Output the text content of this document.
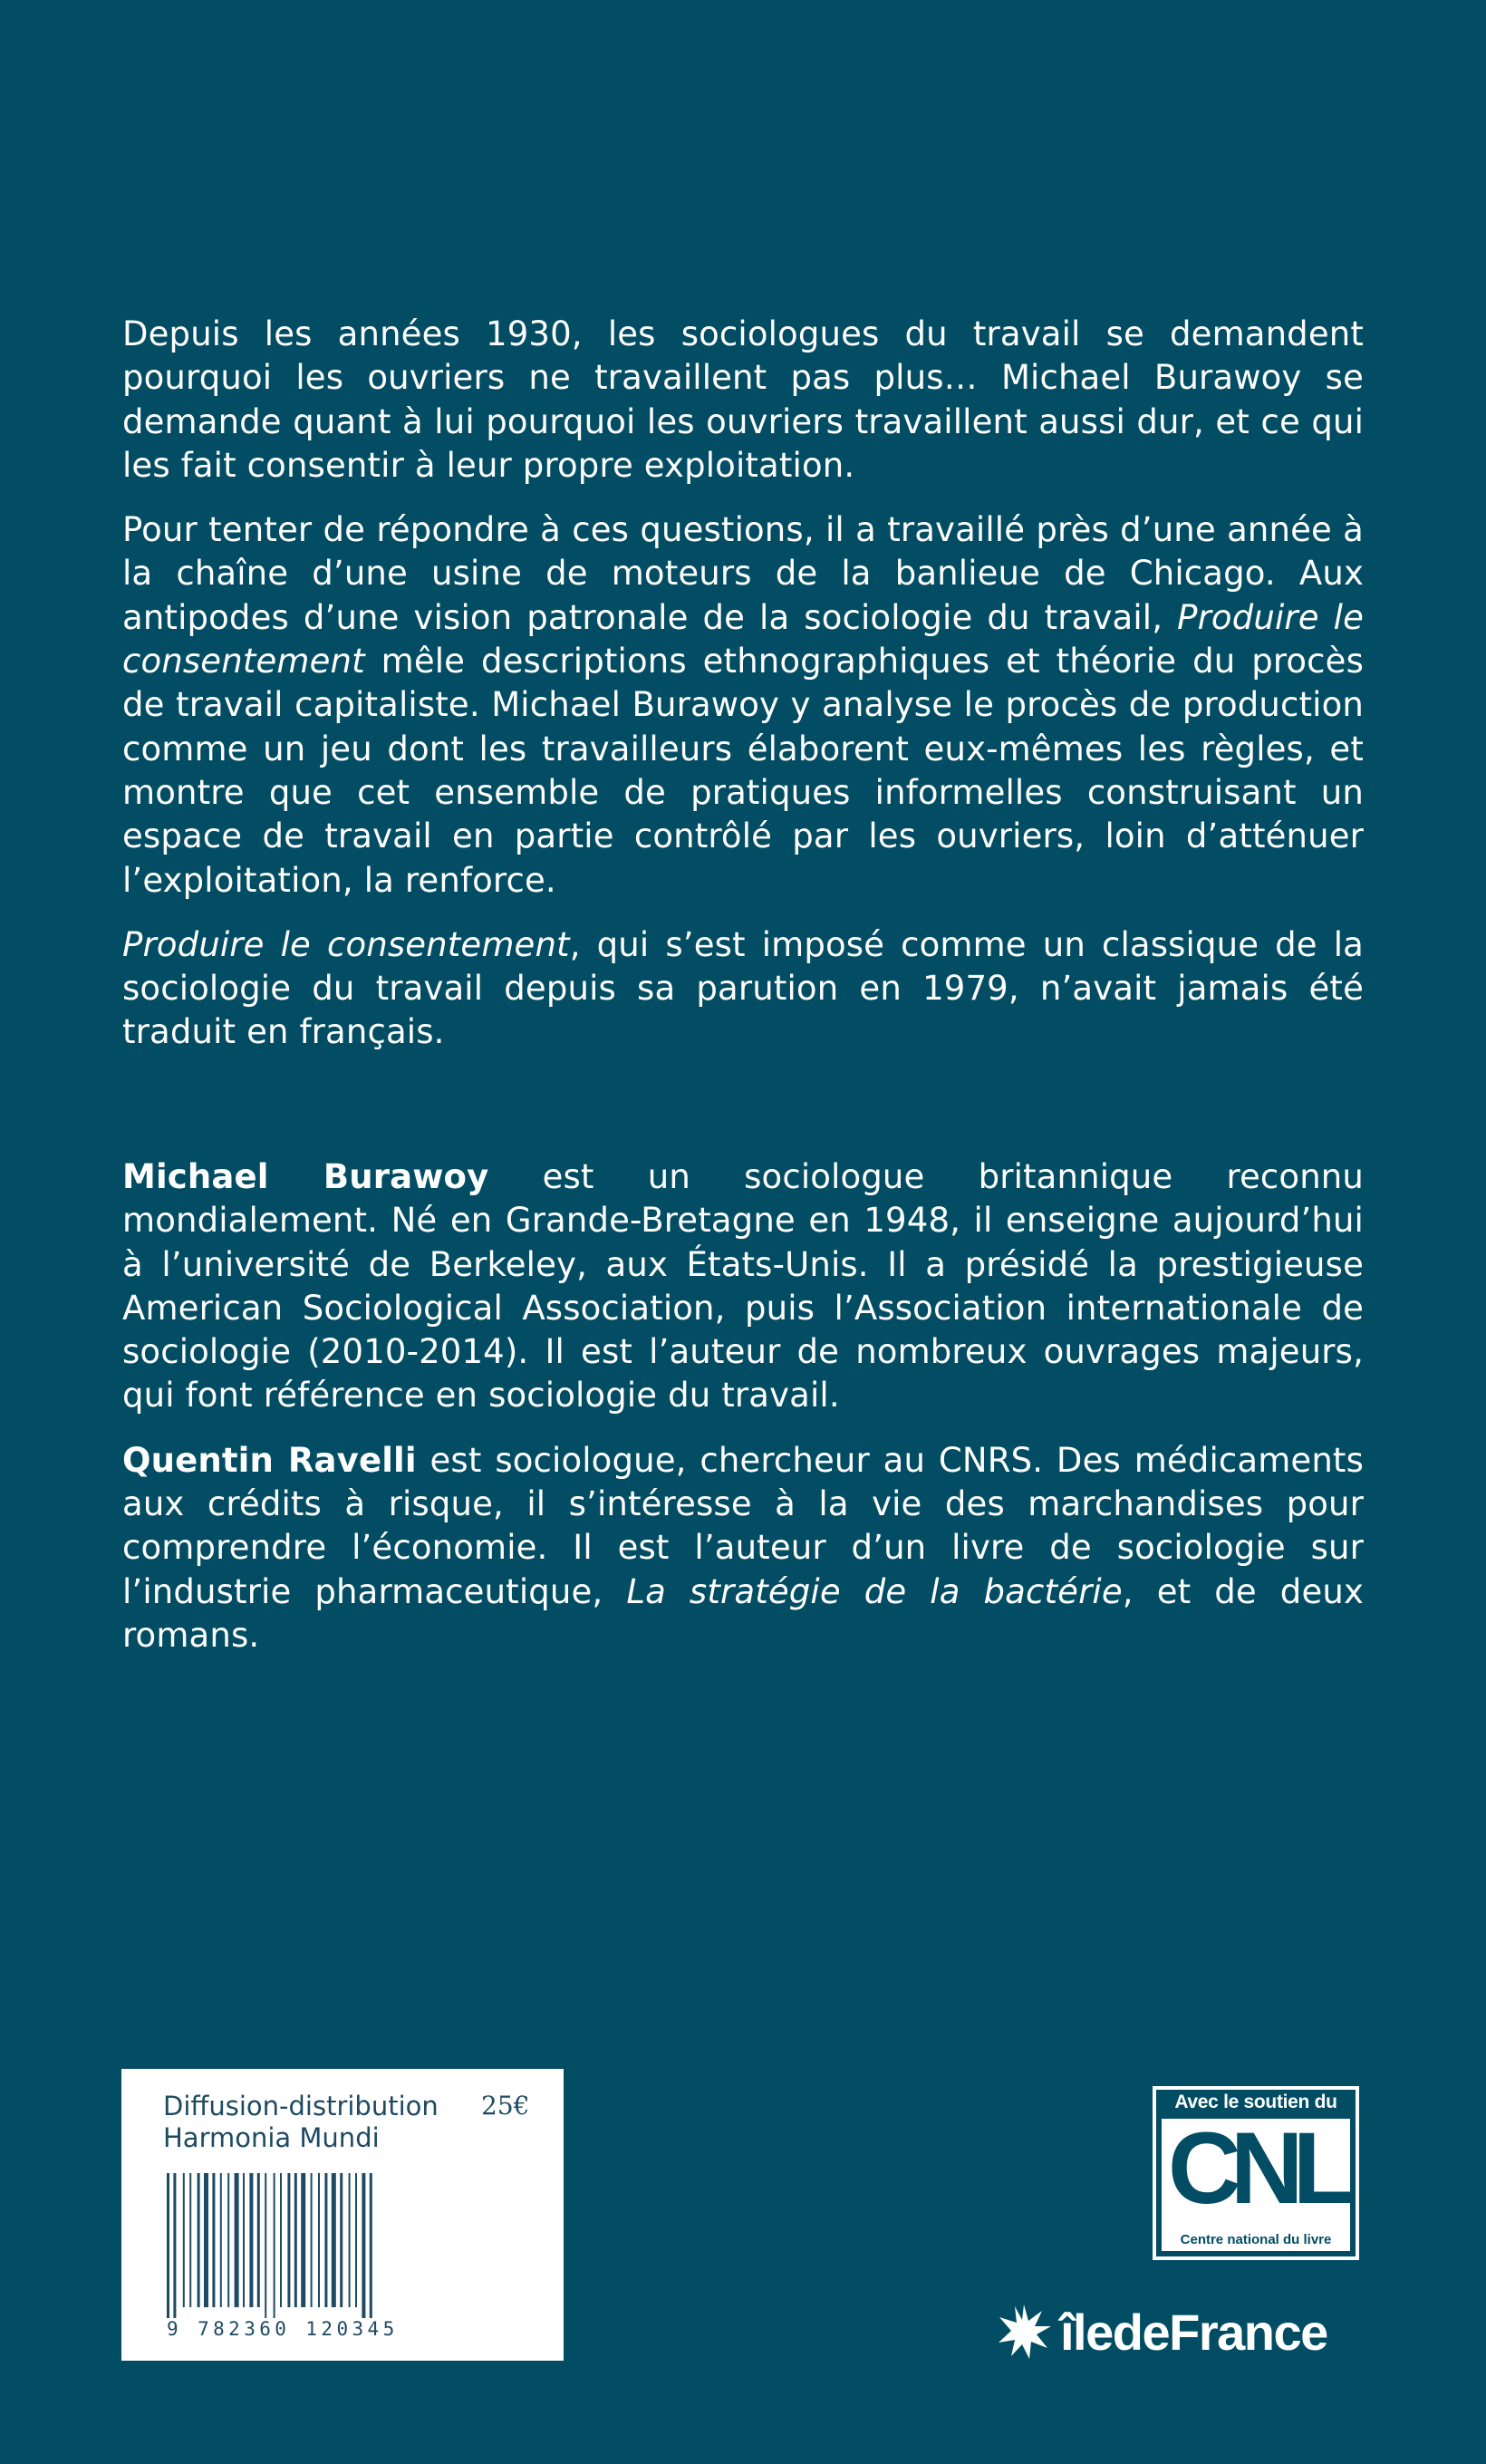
Depuis les années 1930, les sociologues du travail se demandent pourquoi les ouvriers ne travaillent pas plus… Michael Burawoy se demande quant à lui pourquoi les ouvriers travaillent aussi dur, et ce qui les fait consentir à leur propre exploitation.

Pour tenter de répondre à ces questions, il a travaillé près d’une année à la chaîne d’une usine de moteurs de la banlieue de Chicago. Aux antipodes d’une vision patronale de la sociologie du travail, Produire le consentement mêle descriptions ethnographiques et théorie du procès de travail capitaliste. Michael Burawoy y analyse le procès de production comme un jeu dont les travailleurs élaborent eux-mêmes les règles, et montre que cet ensemble de pratiques informelles construisant un espace de travail en partie contrôlé par les ouvriers, loin d’atténuer l’exploitation, la renforce.

Produire le consentement, qui s’est imposé comme un classique de la sociologie du travail depuis sa parution en 1979, n’avait jamais été traduit en français.

Michael Burawoy est un sociologue britannique reconnu mondialement. Né en Grande-Bretagne en 1948, il enseigne aujourd’hui à l’université de Berkeley, aux États-Unis. Il a présidé la prestigieuse American Sociological Association, puis l’Association internationale de sociologie (2010-2014). Il est l’auteur de nombreux ouvrages majeurs, qui font référence en sociologie du travail.

Quentin Ravelli est sociologue, chercheur au CNRS. Des médicaments aux crédits à risque, il s’intéresse à la vie des marchandises pour comprendre l’économie. Il est l’auteur d’un livre de sociologie sur l’industrie pharmaceutique, La stratégie de la bactérie, et de deux romans.

Diffusion-distribution
Harmonia Mundi
25€
9 782360 120345
Avec le soutien du
CNL
Centre national du livre
îledeFrance
